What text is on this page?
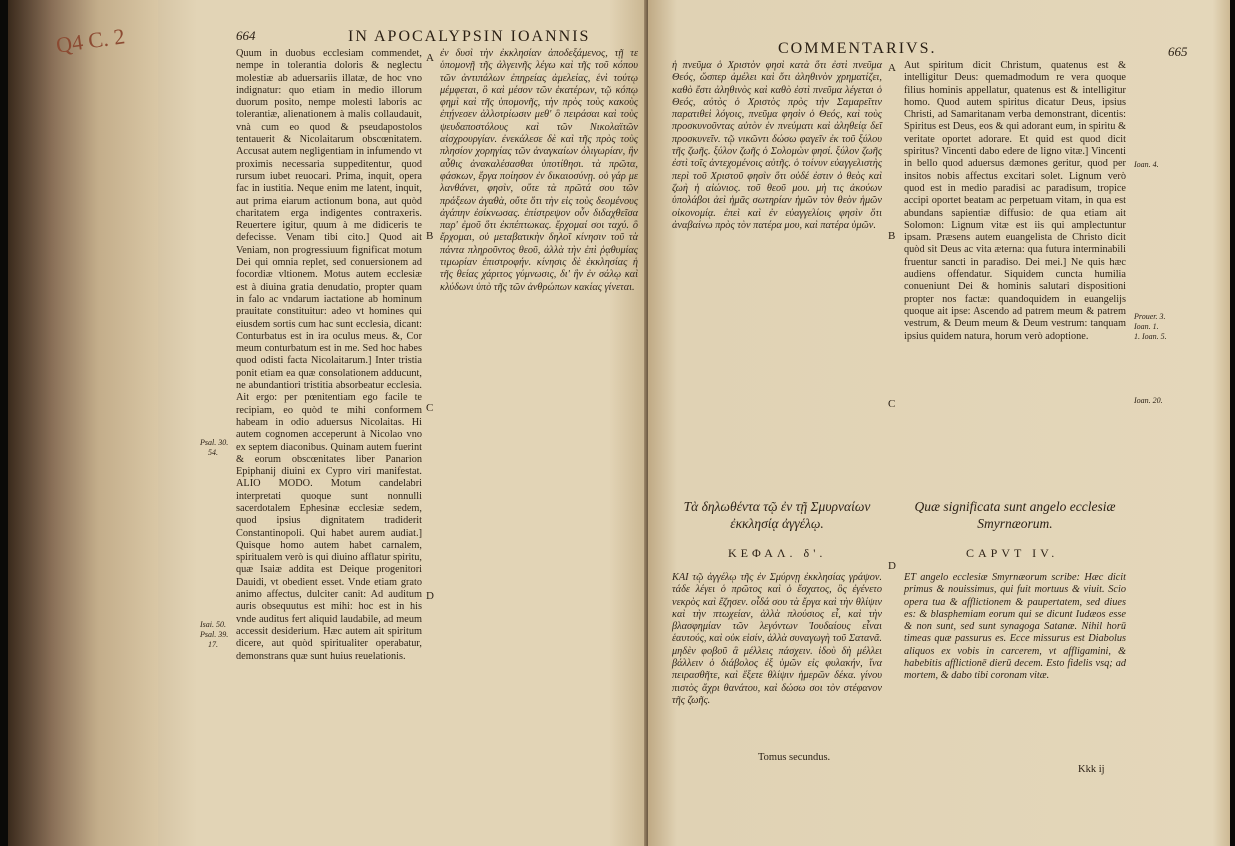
Q4 C. 2	664	IN APOCALYPSIN IOANNIS
Quum in duobus ecclesiam commendet, nempe in tolerantia doloris & neglectu molestiæ ab aduersariis illatæ, de hoc vno indignatur: quo etiam in medio illorum duorum posito, nempe molesti laboris ac tolerantiæ, alienationem à malis collaudauit, vnà cum eo quod & pseudapostolos tentauerit & Nicolaitarum obscœnitatem. Accusat autem negligentiam in infumendo vt proximis necessaria suppeditentur, quod rursum iubet reuocari. Prima, inquit, opera fac in iustitia. Neque enim me latent, inquit, aut prima eiarum actionum bona, aut quòd charitatem erga indigentes contraxeris. Reuertere igitur, quum à me didiceris te defecisse. Venam tibi cito.] Quod ait Veniam, non progressiuum fignificat motum Dei qui omnia replet, sed conuersionem ad focordiæ vltionem. Motus autem ecclesiæ est à diuina gratia denudatio, propter quam in falo ac vndarum iactatione ab hominum prauitate constituitur: adeo vt homines qui eiusdem sortis cum hac sunt ecclesia, dicant: Conturbatus est in ira oculus meus. &, Cor meum conturbatum est in me. Sed hoc habes quod odisti facta Nicolaitarum.] Inter tristia ponit etiam ea quæ consolationem adducunt, ne abundantiori tristitia absorbeatur ecclesia. Ait ergo: per pœnitentiam ego facile te recipiam, eo quòd te mihi conformem habeam in odio aduersus Nicolaitas. Hi autem cognomen acceperunt à Nicolao vno ex septem diaconibus. Quinam autem fuerint & eorum obscœnitates liber Panarion Epiphanij diuini ex Cypro viri manifestat. ALIO MODO. Motum candelabri interpretati quoque sunt nonnulli sacerdotalem Ephesinæ ecclesiæ sedem, quod ipsius dignitatem tradiderit Constantinopoli. Qui habet aurem audiat.] Quisque homo autem habet carnalem, spiritualem verò is qui diuino afflatur spiritu, quæ Isaiæ addita est Deique progenitori Dauidi, vt obedient esset. Vnde etiam grato animo affectus, dulciter canit: Ad auditum auris obsequutus est mihi: hoc est in his vnde auditus fert aliquid laudabile, ad meum accessit desiderium. Hæc autem ait spiritum dicere, aut quòd spiritualiter operabatur, demonstrans quæ sunt huius reuelationis.
A
B
C
D
ἐν δυσὶ τὴν ἐκκλησίαν ἀποδεξάμενος, τῇ τε ὑπομονῇ τῆς ἀλγεινῆς λέγω καὶ τῆς τοῦ κόπου τῶν ἀντιπάλων ἐπηρείας ἀμελείας, ἑνὶ τούτῳ μέμφεται, ὃ καὶ μέσον τῶν ἑκατέρων, τῷ κόπῳ φημὶ καὶ τῆς ὑπομονῆς, τὴν πρὸς τοὺς κακοὺς ἐπῄνεσεν ἀλλοτρίωσιν μεθ' ὃ πειράσαι καὶ τοὺς ψευδαποστόλους καὶ τῶν Νικολαϊτῶν αἰσχρουργίαν. ἐνεκάλεσε δὲ καὶ τῆς πρὸς τοὺς πλησίον χορηγίας τῶν ἀναγκαίων ὀλιγωρίαν, ἣν αὖθις ἀνακαλέσασθαι ὑποτίθησι. τὰ πρῶτα, φάσκων, ἔργα ποίησον ἐν δικαιοσύνῃ. οὐ γάρ με λανθάνει, φησὶν, οὔτε τὰ πρῶτά σου τῶν πράξεων ἀγαθὰ, οὔτε ὅτι τὴν εἰς τοὺς δεομένους ἀγάπην ἐσίκνωσας. ἐπίστρεψον οὖν διδαχθεῖσα παρ' ἐμοῦ ὅτι ἐκπέπτωκας. ἔρχομαί σοι ταχύ. ὃ ἔρχομαι, οὐ μεταβατικὴν δηλοῖ κίνησιν τοῦ τὰ πάντα πληροῦντος θεοῦ, ἀλλὰ τὴν ἐπὶ ῥᾳθυμίας τιμωρίαν ἐπιστροφήν. κίνησις δὲ ἐκκλησίας ἡ τῆς θείας χάριτος γύμνωσις, δι' ἣν ἐν σάλῳ καὶ κλύδωνι ὑπὸ τῆς τῶν ἀνθρώπων κακίας γίνεται.
Psal. 30.
54.
Isai. 50.
Psal. 39.
17.
COMMENTARIVS.	665
ἡ πνεῦμα ὁ Χριστὸν φησὶ κατὰ ὅτι ἐστὶ πνεῦμα Θεός, ὥσπερ ἀμέλει καὶ ὅτι ἀληθινὸν χρηματίζει, καθὸ ἔστι ἀληθινὸς καὶ καθὸ ἐστὶ πνεῦμα λέγεται ὁ Θεός, αὐτὸς ὁ Χριστὸς πρὸς τὴν Σαμαρεῖτιν παρατιθεὶ λόγοις, πνεῦμα φησὶν ὁ Θεός, καὶ τοὺς προσκυνοῦντας αὐτὸν ἐν πνεύματι καὶ ἀληθείᾳ δεῖ προσκυνεῖν. τῷ νικῶντι δώσω φαγεῖν ἐκ τοῦ ξύλου τῆς ζωῆς. ξύλον ζωῆς ὁ Σολομὼν φησί. ξύλον ζωῆς ἐστὶ τοῖς ἀντεχομένοις αὐτῆς. ὁ τοίνυν εὐαγγελιστὴς περὶ τοῦ Χριστοῦ φησὶν ὅτι οὐδέ ἐστιν ὁ θεὸς καὶ ζωὴ ἡ αἰώνιος. τοῦ θεοῦ μου. μὴ τις ἀκούων ὑπολάβοι ἀεὶ ἡμᾶς σωτηρίαν ἡμῶν τὸν θεὸν ἡμῶν οἰκονομίᾳ. ἐπεὶ καὶ ἐν εὐαγγελίοις φησὶν ὅτι ἀναβαίνω πρὸς τὸν πατέρα μου, καὶ πατέρα ὑμῶν.
A
B
C
Aut spiritum dicit Christum, quatenus est & intelligitur Deus: quemadmodum re vera quoque filius hominis appellatur, quatenus est & intelligitur homo. Quod autem spiritus dicatur Deus, ipsius Christi, ad Samaritanam verba demonstrant, dicentis: Spiritus est Deus, eos & qui adorant eum, in spiritu & veritate oportet adorare. Et quid est quod dicit spiritus? Vincenti dabo edere de ligno vitæ.] Vincenti in bello quod aduersus dæmones geritur, quod per insitos nobis affectus excitari solet. Lignum verò quod est in medio paradisi ac paradisum, tropice accipi oportet beatam ac perpetuam vitam, in qua est abundans sapientiæ diffusio: de qua etiam ait Solomon: Lignum vitæ est iis qui amplectuntur ipsam. Præsens autem euangelista de Christo dicit quòd sit Deus ac vita æterna: qua futura interminabili fruentur sancti in paradiso. Dei mei.] Ne quis hæc audiens offendatur. Siquidem cuncta humilia conueniunt Dei & hominis salutari dispositioni propter nos factæ: quandoquidem in euangelijs quoque ait ipse: Ascendo ad patrem meum & patrem vestrum, & Deum meum & Deum vestrum: tanquam ipsius quidem natura, horum verò adoptione.
Ioan. 4.
Prouer. 3.
Ioan. 1.
1. Ioan. 5.
Ioan. 20.
Τὰ δηλωθέντα τῷ ἐν τῇ Σμυρναίων ἐκκλησίᾳ ἀγγέλῳ.
Quæ significata sunt angelo ecclesiæ Smyrnæorum.
D
ΚΕΦΑΛ. δ'.	CAPVT IV.
ΚΑΙ τῷ ἀγγέλῳ τῆς ἐν Σμύρνῃ ἐκκλησίας γράψον. τάδε λέγει ὁ πρῶτος καὶ ὁ ἔσχατος, ὃς ἐγένετο νεκρὸς καὶ ἔζησεν. οἶδά σου τὰ ἔργα καὶ τὴν θλίψιν καὶ τὴν πτωχείαν, ἀλλὰ πλούσιος εἶ, καὶ τὴν βλασφημίαν τῶν λεγόντων Ἰουδαίους εἶναι ἑαυτούς, καὶ οὐκ εἰσίν, ἀλλὰ συναγωγὴ τοῦ Σατανᾶ. μηδὲν φοβοῦ ἃ μέλλεις πάσχειν. ἰδοὺ δὴ μέλλει βάλλειν ὁ διάβολος ἐξ ὑμῶν εἰς φυλακήν, ἵνα πειρασθῆτε, καὶ ἕξετε θλίψιν ἡμερῶν δέκα. γίνου πιστὸς ἄχρι θανάτου, καὶ δώσω σοι τὸν στέφανον τῆς ζωῆς.
ET angelo ecclesiæ Smyrnæorum scribe: Hæc dicit primus & nouissimus, qui fuit mortuus & viuit. Scio opera tua & afflictionem & paupertatem, sed diues es: & blasphemiam eorum qui se dicunt Iudæos esse & non sunt, sed sunt synagoga Satanæ. Nihil horū timeas quæ passurus es. Ecce missurus est Diabolus aliquos ex vobis in carcerem, vt affligamini, & habebitis afflictionē dierū decem. Esto fidelis vsq; ad mortem, & dabo tibi coronam vitæ.
Tomus secundus.
Kkk ij
